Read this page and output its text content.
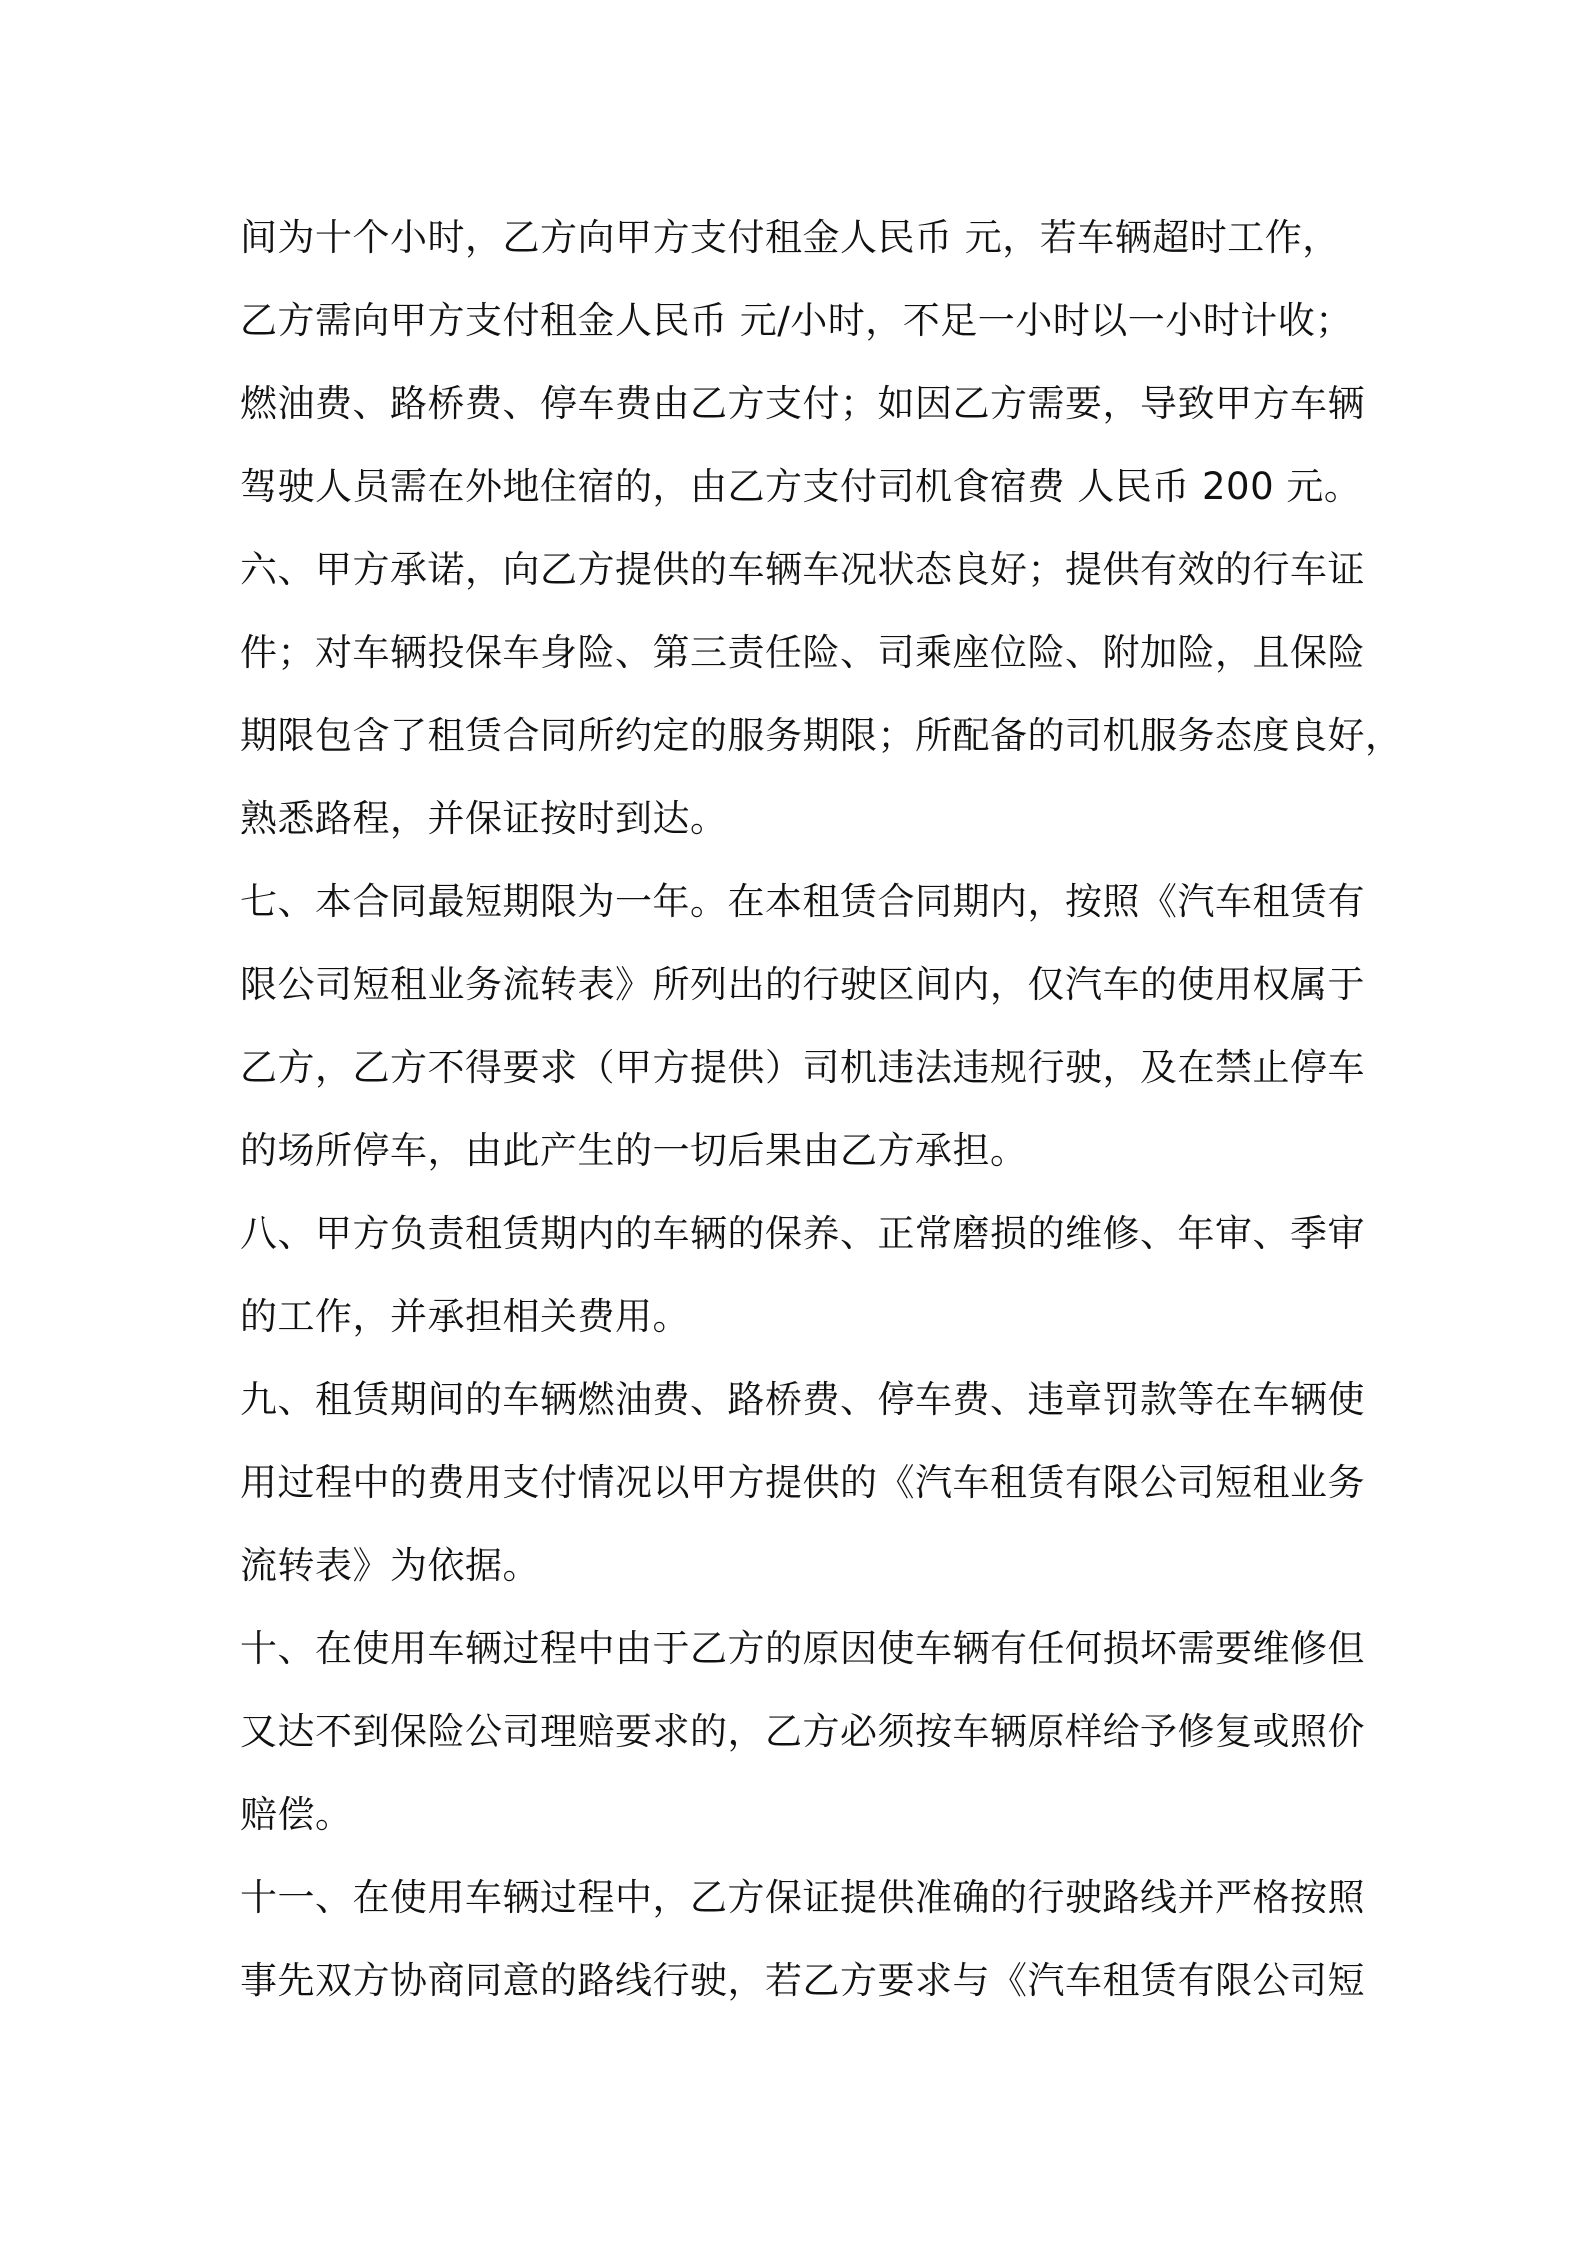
间为十个小时，乙方向甲方支付租金人民币 元，若车辆超时工作，
乙方需向甲方支付租金人民币 元/小时，不足一小时以一小时计收；
燃油费、路桥费、停车费由乙方支付；如因乙方需要，导致甲方车辆
驾驶人员需在外地住宿的，由乙方支付司机食宿费 人民币 200 元。
六、甲方承诺，向乙方提供的车辆车况状态良好；提供有效的行车证
件；对车辆投保车身险、第三责任险、司乘座位险、附加险，且保险
期限包含了租赁合同所约定的服务期限；所配备的司机服务态度良好，
熟悉路程，并保证按时到达。
七、本合同最短期限为一年。在本租赁合同期内，按照《汽车租赁有
限公司短租业务流转表》所列出的行驶区间内，仅汽车的使用权属于
乙方，乙方不得要求（甲方提供）司机违法违规行驶，及在禁止停车
的场所停车，由此产生的一切后果由乙方承担。
八、甲方负责租赁期内的车辆的保养、正常磨损的维修、年审、季审
的工作，并承担相关费用。
九、租赁期间的车辆燃油费、路桥费、停车费、违章罚款等在车辆使
用过程中的费用支付情况以甲方提供的《汽车租赁有限公司短租业务
流转表》为依据。
十、在使用车辆过程中由于乙方的原因使车辆有任何损坏需要维修但
又达不到保险公司理赔要求的，乙方必须按车辆原样给予修复或照价
赔偿。
十一、在使用车辆过程中，乙方保证提供准确的行驶路线并严格按照
事先双方协商同意的路线行驶，若乙方要求与《汽车租赁有限公司短
